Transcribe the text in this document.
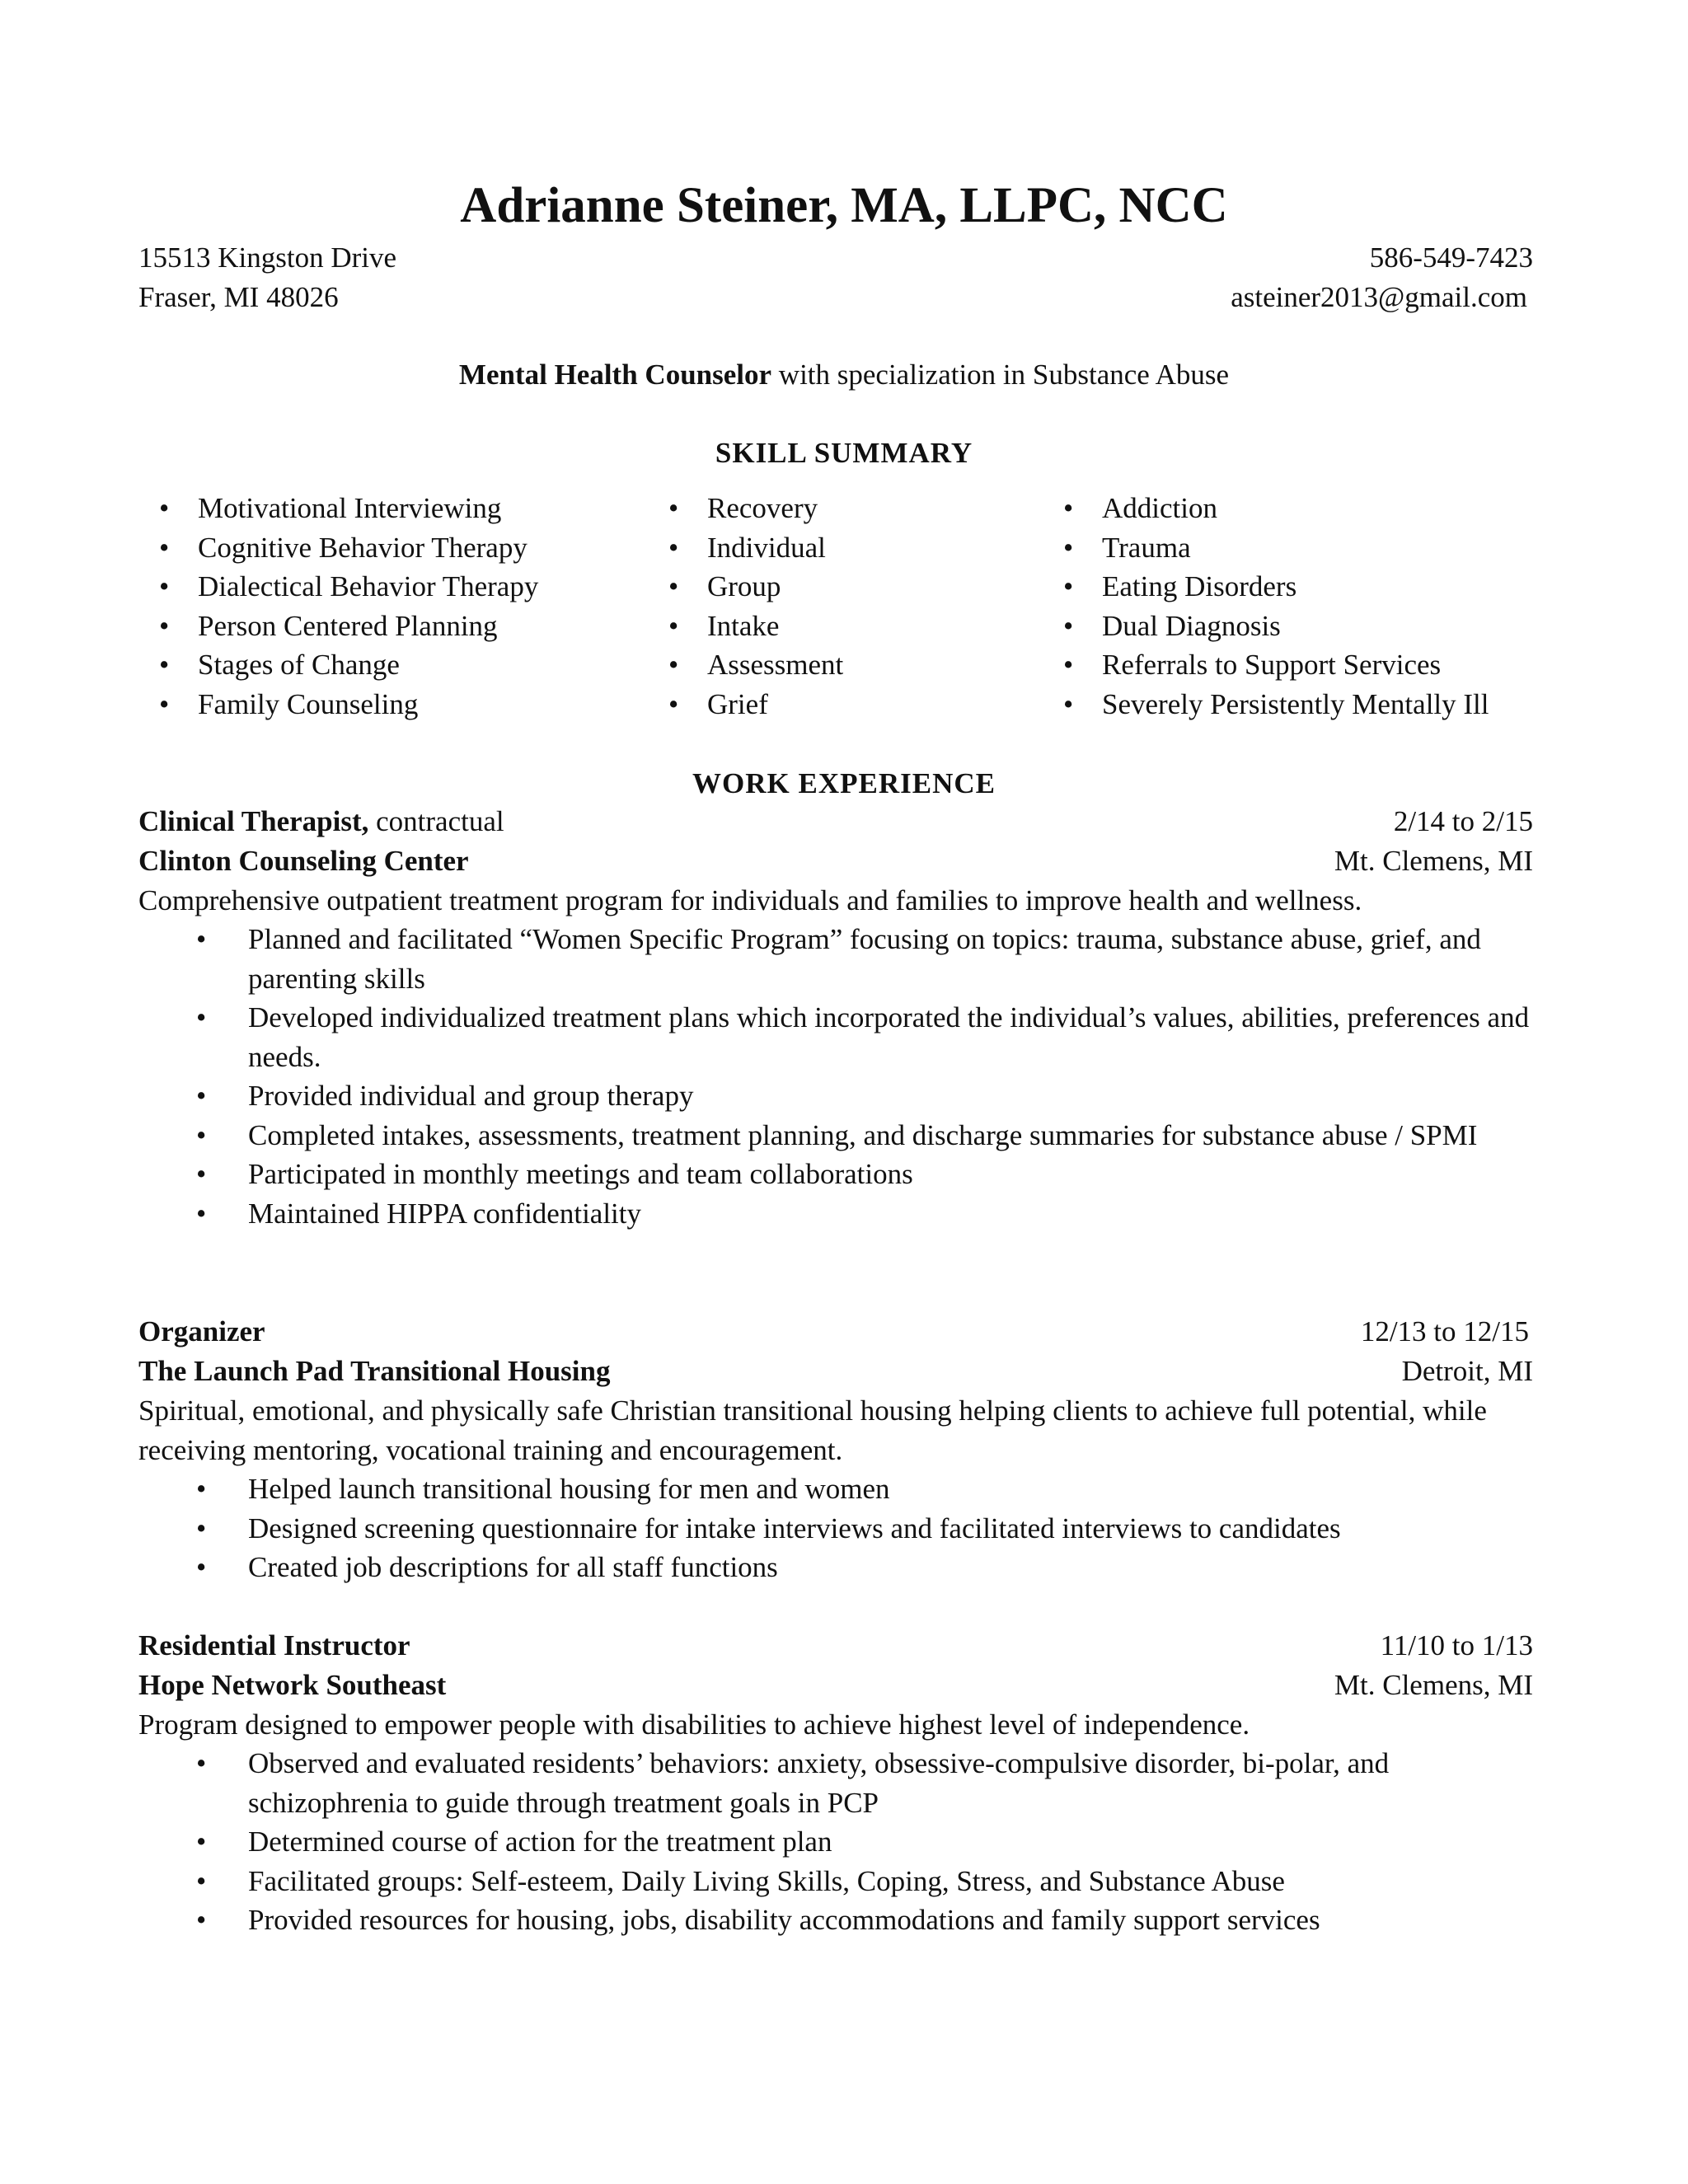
Adrianne Steiner, MA, LLPC, NCC
15513 Kingston Drive
Fraser, MI 48026
586-549-7423
asteiner2013@gmail.com
Mental Health Counselor with specialization in Substance Abuse
SKILL SUMMARY
• Motivational Interviewing
• Cognitive Behavior Therapy
• Dialectical Behavior Therapy
• Person Centered Planning
• Stages of Change
• Family Counseling
• Recovery
• Individual
• Group
• Intake
• Assessment
• Grief
• Addiction
• Trauma
• Eating Disorders
• Dual Diagnosis
• Referrals to Support Services
• Severely Persistently Mentally Ill
WORK EXPERIENCE
Clinical Therapist, contractual	2/14 to 2/15
Clinton Counseling Center	Mt. Clemens, MI
Comprehensive outpatient treatment program for individuals and families to improve health and wellness.
• Planned and facilitated “Women Specific Program” focusing on topics: trauma, substance abuse, grief, and parenting skills
• Developed individualized treatment plans which incorporated the individual’s values, abilities, preferences and needs.
• Provided individual and group therapy
• Completed intakes, assessments, treatment planning, and discharge summaries for substance abuse / SPMI
• Participated in monthly meetings and team collaborations
• Maintained HIPPA confidentiality
Organizer	12/13 to 12/15
The Launch Pad Transitional Housing	Detroit, MI
Spiritual, emotional, and physically safe Christian transitional housing helping clients to achieve full potential, while receiving mentoring, vocational training and encouragement.
• Helped launch transitional housing for men and women
• Designed screening questionnaire for intake interviews and facilitated interviews to candidates
• Created job descriptions for all staff functions
Residential Instructor	11/10 to 1/13
Hope Network Southeast	Mt. Clemens, MI
Program designed to empower people with disabilities to achieve highest level of independence.
• Observed and evaluated residents’ behaviors: anxiety, obsessive-compulsive disorder, bi-polar, and schizophrenia to guide through treatment goals in PCP
• Determined course of action for the treatment plan
• Facilitated groups: Self-esteem, Daily Living Skills, Coping, Stress, and Substance Abuse
• Provided resources for housing, jobs, disability accommodations and family support services
